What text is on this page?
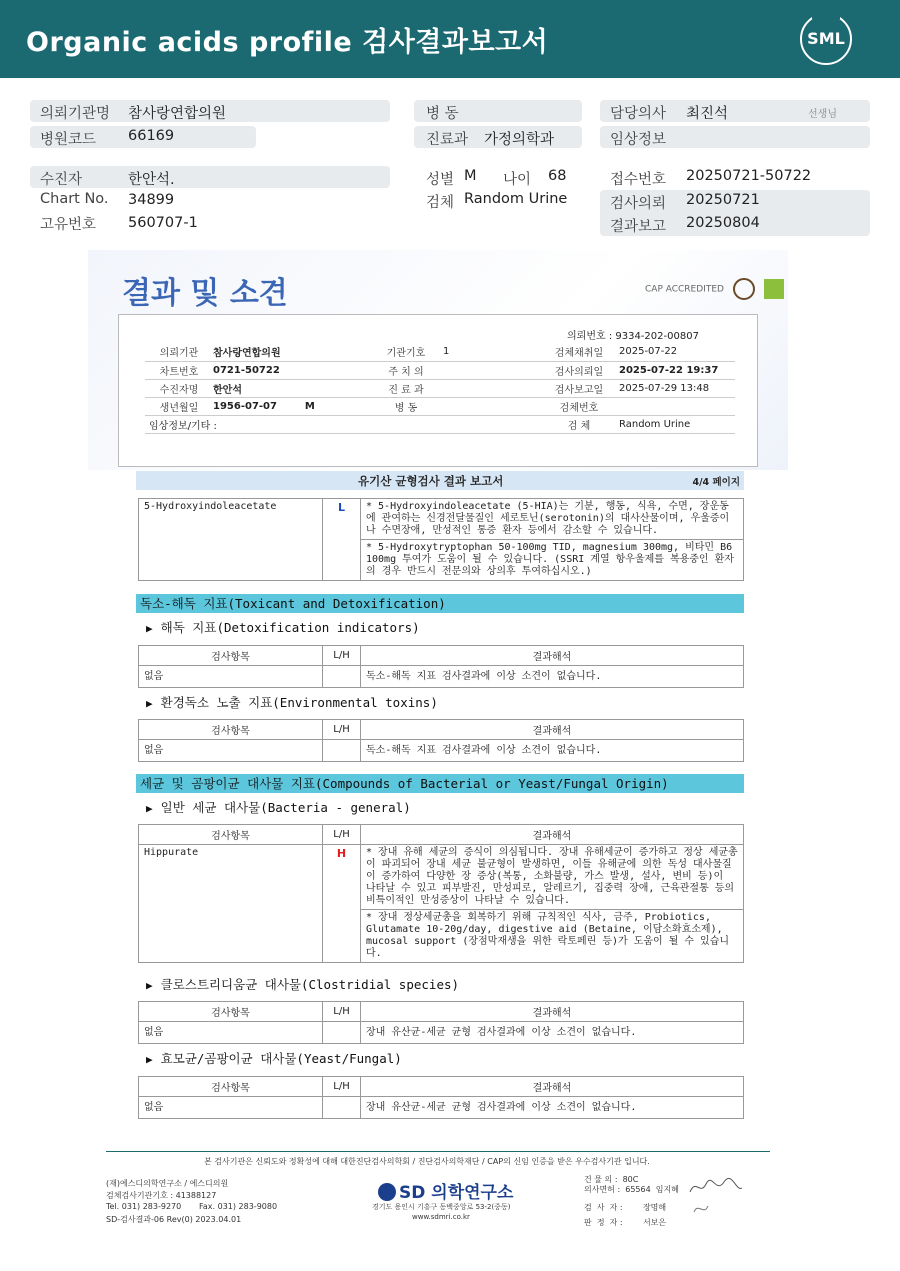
Organic acids profile 검사결과보고서	SML
의뢰기관명 참사랑연합의원
병원코드 66169
병 동
진료과 가정의학과
담당의사 최진석	선생님
임상정보
수진자	한안석.
Chart No. 34899
고유번호 560707-1
성별 M 나이 68
검체 Random Urine
접수번호 20250721-50722
검사의뢰 20250721
결과보고 20250804
결과 및 소견	CAP ACCREDITED
의뢰번호 : 9334-202-00807
의뢰기관	참사랑연합의원	기관기호	1	검체채취일	2025-07-22
차트번호	0721-50722	주 치 의		검사의뢰일	2025-07-22 19:37
수진자명	한안석	진 료 과		검사보고일	2025-07-29 13:48
생년월일	1956-07-07        M	병 동		검체번호	
임상정보/기타 :				검 체	Random Urine
유기산 균형검사 결과 보고서	4/4 페이지
5-Hydroxyindoleacetate	L	* 5-Hydroxyindoleacetate (5-HIA)는 기분, 행동, 식욕, 수면, 장운동에 관여하는 신경전달물질인 세로토닌(serotonin)의 대사산물이며, 우울증이나 수면장애, 만성적인 통증 환자 등에서 감소할 수 있습니다.
* 5-Hydroxytryptophan 50-100mg TID, magnesium 300mg, 비타민 B6 100mg 투여가 도움이 될 수 있습니다. (SSRI 계열 항우울제를 복용중인 환자의 경우 반드시 전문의와 상의후 투여하십시오.)
독소-해독 지표(Toxicant and Detoxification)
▶ 해독 지표(Detoxification indicators)
검사항목	L/H	결과해석
없음		독소-해독 지표 검사결과에 이상 소견이 없습니다.
▶ 환경독소 노출 지표(Environmental toxins)
검사항목	L/H	결과해석
없음		독소-해독 지표 검사결과에 이상 소견이 없습니다.
세균 및 곰팡이균 대사물 지표(Compounds of Bacterial or Yeast/Fungal Origin)
▶ 일반 세균 대사물(Bacteria - general)
검사항목	L/H	결과해석
Hippurate	H	* 장내 유해 세균의 증식이 의심됩니다. 장내 유해세균이 증가하고 정상 세균총이 파괴되어 장내 세균 불균형이 발생하면, 이들 유해균에 의한 독성 대사물질이 증가하여 다양한 장 증상(복통, 소화불량, 가스 발생, 설사, 변비 등)이 나타날 수 있고 피부발진, 만성피로, 알레르기, 집중력 장애, 근육관절통 등의 비특이적인 만성증상이 나타날 수 있습니다.
		* 장내 정상세균총을 회복하기 위해 규칙적인 식사, 금주, Probiotics, Glutamate 10-20g/day, digestive aid (Betaine, 이담소화효소제), mucosal support (장점막재생을 위한 락토페린 등)가 도움이 될 수 있습니다.
▶ 클로스트리디움균 대사물(Clostridial species)
검사항목	L/H	결과해석
없음		장내 유산균-세균 균형 검사결과에 이상 소견이 없습니다.
▶ 효모균/곰팡이균 대사물(Yeast/Fungal)
검사항목	L/H	결과해석
없음		장내 유산균-세균 균형 검사결과에 이상 소견이 없습니다.
본 검사기관은 신뢰도와 정확성에 대해 대한진단검사의학회 / 진단검사의학재단 / CAP의 신임 인증을 받은 우수검사기관 입니다.
(재)에스디의학연구소 / 에스디의원
검체검사기관기호 : 41388127
Tel. 031) 283-9270       Fax. 031) 283-9080
SD-검사결과-06 Rev(0) 2023.04.01
SD 의학연구소
경기도 용인시 기흥구 동백중앙로 53-2(중동)
www.sdmri.co.kr
건 물 의 :  80C
의사면허 :  65564  임지혜
검  사  자 :        장명해
판  정  자 :        서보은
